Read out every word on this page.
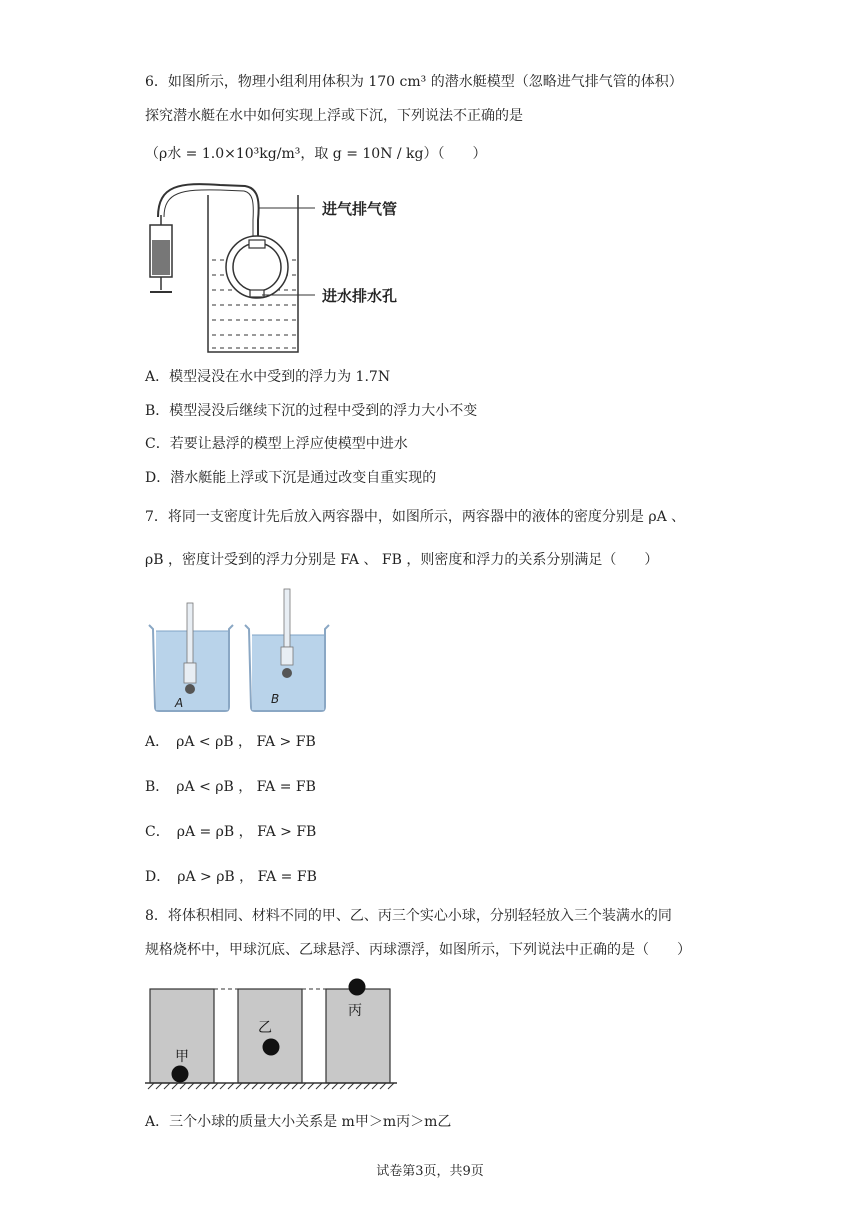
6．如图所示，物理小组利用体积为 170 cm³ 的潜水艇模型（忽略进气排气管的体积）
探究潜水艇在水中如何实现上浮或下沉，下列说法不正确的是
（ρ水 = 1.0×10³kg/m³，取 g = 10N / kg）（　　）
进气排气管
进水排水孔
A．模型浸没在水中受到的浮力为 1.7N
B．模型浸没后继续下沉的过程中受到的浮力大小不变
C．若要让悬浮的模型上浮应使模型中进水
D．潜水艇能上浮或下沉是通过改变自重实现的
7．将同一支密度计先后放入两容器中，如图所示，两容器中的液体的密度分别是 ρA 、
ρB ，密度计受到的浮力分别是 FA 、 FB ，则密度和浮力的关系分别满足（　　）
A	B
A．　ρA < ρB ， FA > FB
B．　ρA < ρB ， FA = FB
C．　ρA = ρB ， FA > FB
D．　ρA > ρB ， FA = FB
8．将体积相同、材料不同的甲、乙、丙三个实心小球，分别轻轻放入三个装满水的同
规格烧杯中，甲球沉底、乙球悬浮、丙球漂浮，如图所示，下列说法中正确的是（　　）
甲
乙
丙
A．三个小球的质量大小关系是 m甲＞m丙＞m乙
试卷第3页，共9页
